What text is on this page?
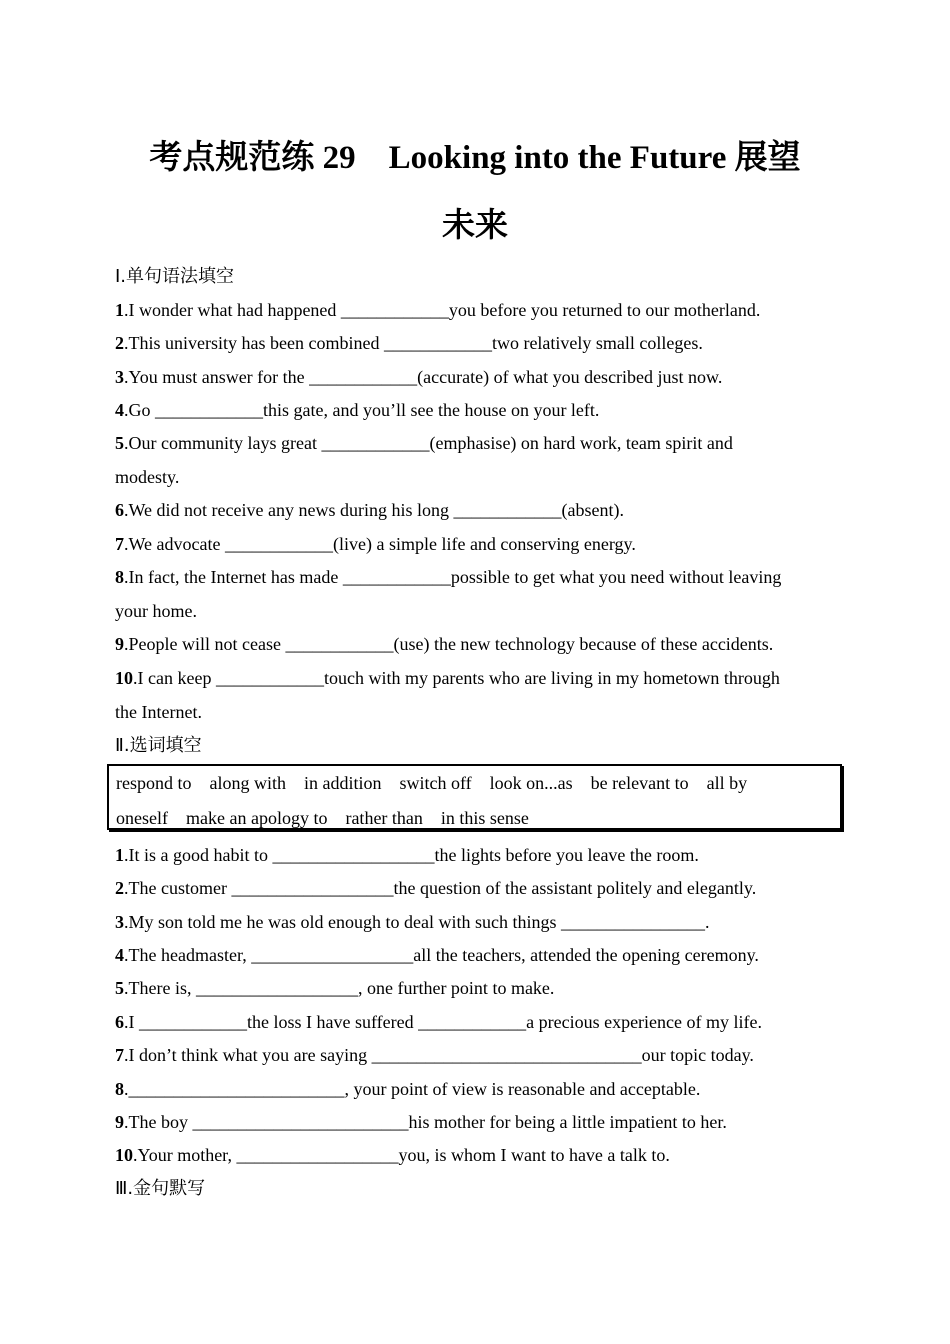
考点规范练 29　Looking into the Future 展望
未来
Ⅰ.单句语法填空
1.I wonder what had happened ____________you before you returned to our motherland.
2.This university has been combined ____________two relatively small colleges.
3.You must answer for the ____________(accurate) of what you described just now.
4.Go ____________this gate, and you’ll see the house on your left.
5.Our community lays great ____________(emphasise) on hard work, team spirit and
modesty.
6.We did not receive any news during his long ____________(absent).
7.We advocate ____________(live) a simple life and conserving energy.
8.In fact, the Internet has made ____________possible to get what you need without leaving
your home.
9.People will not cease ____________(use) the new technology because of these accidents.
10.I can keep ____________touch with my parents who are living in my hometown through
the Internet.
Ⅱ.选词填空
respond to along with in addition switch off look on...as be relevant to all by
oneself make an apology to rather than in this sense
1.It is a good habit to __________________the lights before you leave the room.
2.The customer __________________the question of the assistant politely and elegantly.
3.My son told me he was old enough to deal with such things ________________.
4.The headmaster, __________________all the teachers, attended the opening ceremony.
5.There is, __________________, one further point to make.
6.I ____________the loss I have suffered ____________a precious experience of my life.
7.I don’t think what you are saying ______________________________our topic today.
8.________________________, your point of view is reasonable and acceptable.
9.The boy ________________________his mother for being a little impatient to her.
10.Your mother, __________________you, is whom I want to have a talk to.
Ⅲ.金句默写
